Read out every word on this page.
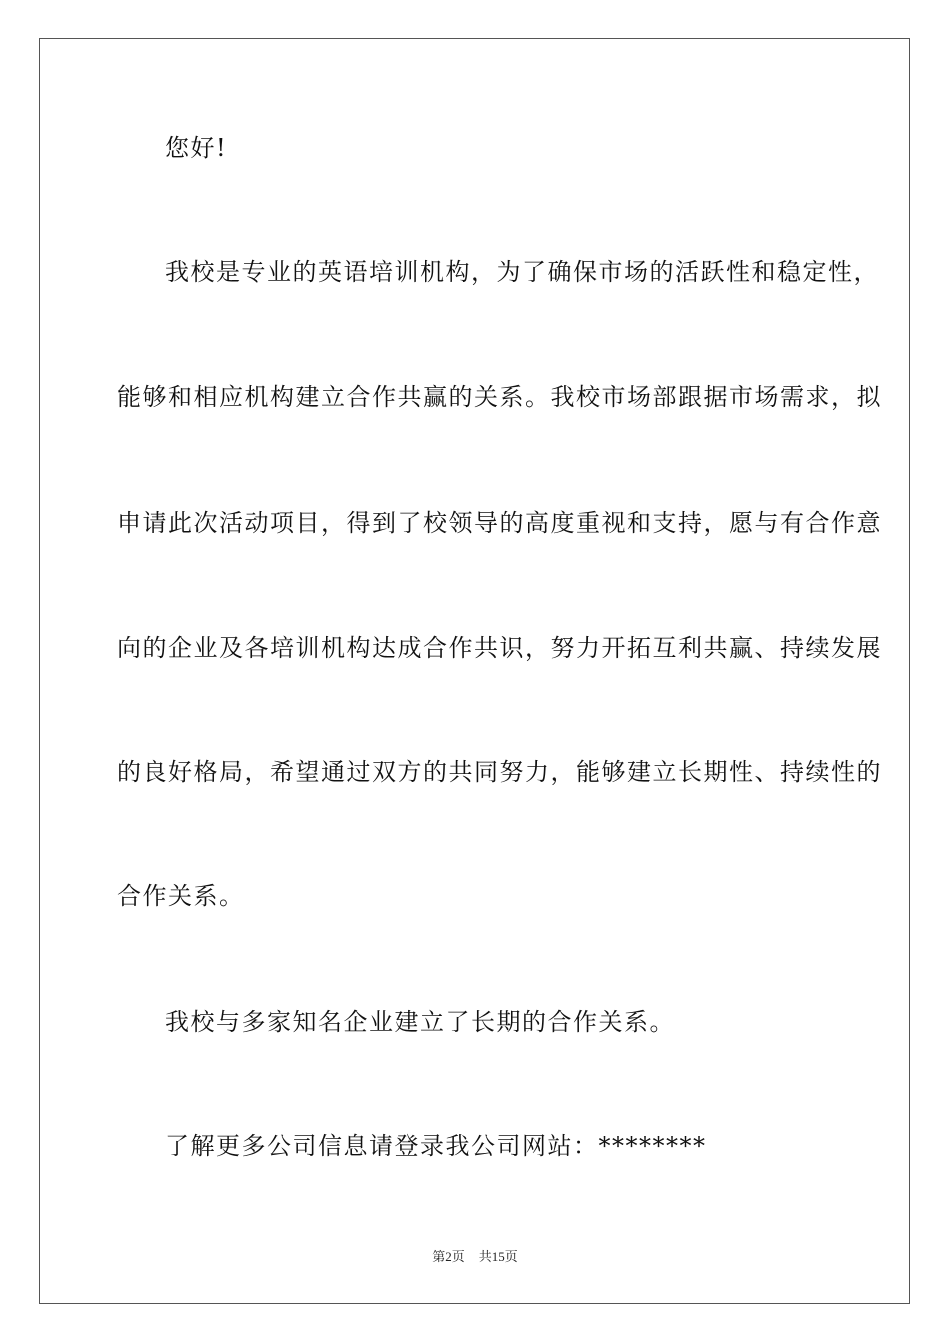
您好!
我校是专业的英语培训机构，为了确保市场的活跃性和稳定性，
能够和相应机构建立合作共赢的关系。我校市场部跟据市场需求，拟
申请此次活动项目，得到了校领导的高度重视和支持，愿与有合作意
向的企业及各培训机构达成合作共识，努力开拓互利共赢、持续发展
的良好格局，希望通过双方的共同努力，能够建立长期性、持续性的
合作关系。
我校与多家知名企业建立了长期的合作关系。
了解更多公司信息请登录我公司网站：********
第2页 共15页
